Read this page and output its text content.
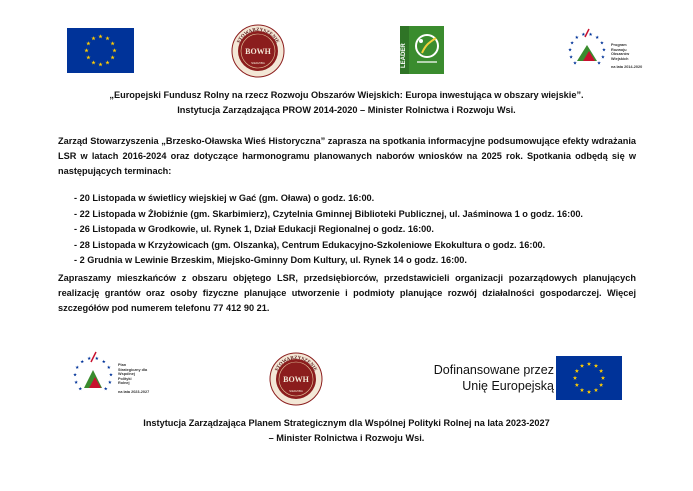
STOWARZYSZENIE
BOWH
SIEDZIBA	LEADER	Program
Rozwoju
Obszarów
Wiejskich
na lata 2014-2020
„Europejski Fundusz Rolny na rzecz Rozwoju Obszarów Wiejskich: Europa inwestująca w obszary wiejskie”.
Instytucja Zarządzająca PROW 2014-2020 – Minister Rolnictwa i Rozwoju Wsi.
Zarząd Stowarzyszenia „Brzesko-Oławska Wieś Historyczna” zaprasza na spotkania informacyjne podsumowujące efekty wdrażania LSR w latach 2016-2024 oraz dotyczące harmonogramu planowanych naborów wniosków na 2025 rok. Spotkania odbędą się w następujących terminach:
- 20 Listopada w świetlicy wiejskiej w Gać (gm. Oława) o godz. 16:00.
- 22 Listopada w Żłobiźnie (gm. Skarbimierz), Czytelnia Gminnej Biblioteki Publicznej, ul. Jaśminowa 1 o godz. 16:00.
- 26 Listopada w Grodkowie, ul. Rynek 1, Dział Edukacji Regionalnej o godz. 16:00.
- 28 Listopada w Krzyżowicach (gm. Olszanka), Centrum Edukacyjno-Szkoleniowe Ekokultura o godz. 16:00.
- 2 Grudnia w Lewinie Brzeskim, Miejsko-Gminny Dom Kultury, ul. Rynek 14 o godz. 16:00.
Zapraszamy mieszkańców z obszaru objętego LSR, przedsiębiorców, przedstawicieli organizacji pozarządowych planujących realizację grantów oraz osoby fizyczne planujące utworzenie i podmioty planujące rozwój działalności gospodarczej. Więcej szczegółów pod numerem telefonu 77 412 90 21.
Plan
Strategiczny dla
Wspólnej
Polityki
Rolnej
na lata 2023-2027
STOWARZYSZENIE
BOWH
SIEDZIBA
Dofinansowane przez
Unię Europejską
Instytucja Zarządzająca Planem Strategicznym dla Wspólnej Polityki Rolnej na lata 2023-2027
– Minister Rolnictwa i Rozwoju Wsi.
